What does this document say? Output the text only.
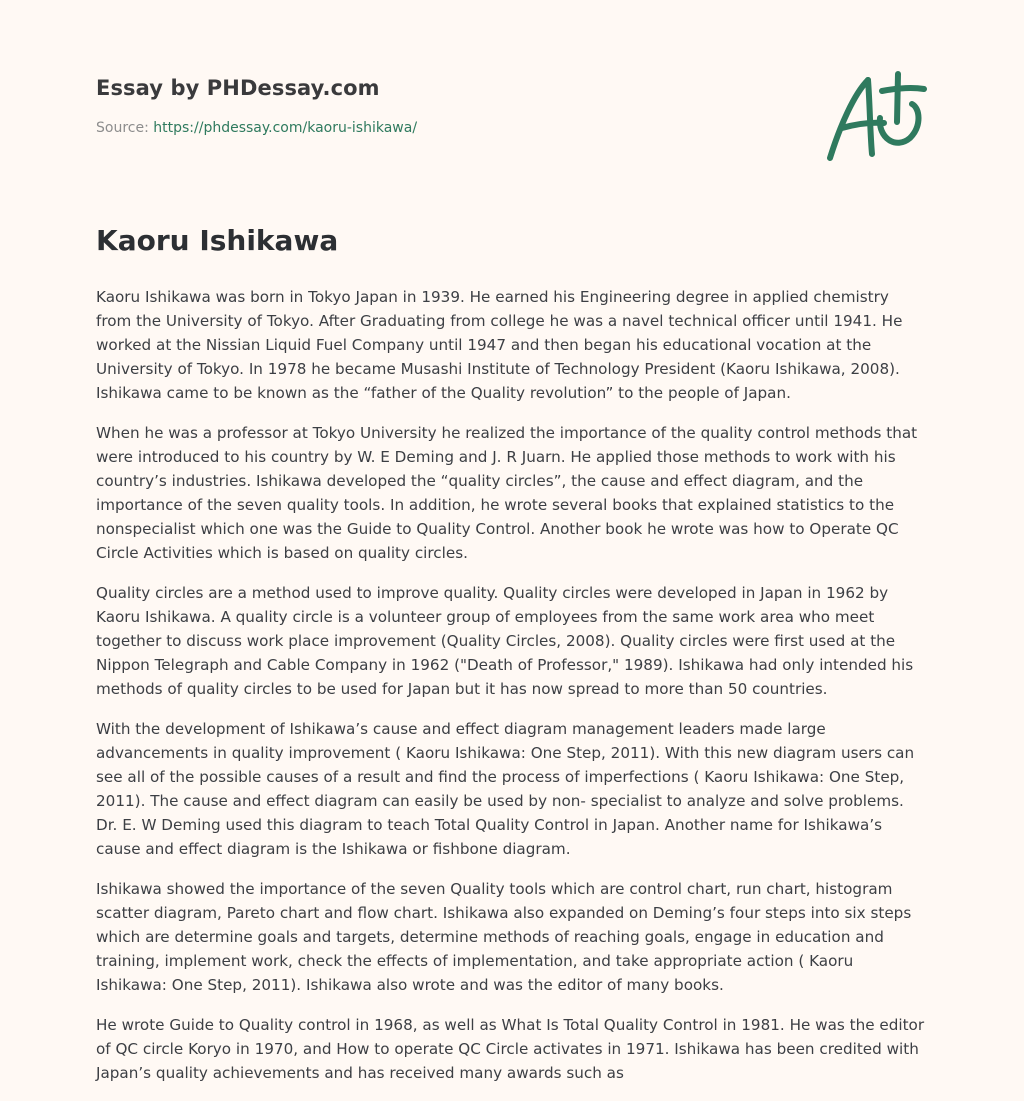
Essay by PHDessay.com
Source: https://phdessay.com/kaoru-ishikawa/
Kaoru Ishikawa

Kaoru Ishikawa was born in Tokyo Japan in 1939. He earned his Engineering degree in applied chemistry from the University of Tokyo. After Graduating from college he was a navel technical officer until 1941. He worked at the Nissian Liquid Fuel Company until 1947 and then began his educational vocation at the University of Tokyo. In 1978 he became Musashi Institute of Technology President (Kaoru Ishikawa, 2008). Ishikawa came to be known as the “father of the Quality revolution” to the people of Japan.

When he was a professor at Tokyo University he realized the importance of the quality control methods that were introduced to his country by W. E Deming and J. R Juarn. He applied those methods to work with his country’s industries. Ishikawa developed the “quality circles”, the cause and effect diagram, and the importance of the seven quality tools. In addition, he wrote several books that explained statistics to the nonspecialist which one was the Guide to Quality Control. Another book he wrote was how to Operate QC Circle Activities which is based on quality circles.

Quality circles are a method used to improve quality. Quality circles were developed in Japan in 1962 by Kaoru Ishikawa. A quality circle is a volunteer group of employees from the same work area who meet together to discuss work place improvement (Quality Circles, 2008). Quality circles were first used at the Nippon Telegraph and Cable Company in 1962 ("Death of Professor," 1989). Ishikawa had only intended his methods of quality circles to be used for Japan but it has now spread to more than 50 countries.

With the development of Ishikawa’s cause and effect diagram management leaders made large advancements in quality improvement ( Kaoru Ishikawa: One Step, 2011). With this new diagram users can see all of the possible causes of a result and find the process of imperfections ( Kaoru Ishikawa: One Step, 2011). The cause and effect diagram can easily be used by non- specialist to analyze and solve problems. Dr. E. W Deming used this diagram to teach Total Quality Control in Japan. Another name for Ishikawa’s cause and effect diagram is the Ishikawa or fishbone diagram.

Ishikawa showed the importance of the seven Quality tools which are control chart, run chart, histogram scatter diagram, Pareto chart and flow chart. Ishikawa also expanded on Deming’s four steps into six steps which are determine goals and targets, determine methods of reaching goals, engage in education and training, implement work, check the effects of implementation, and take appropriate action ( Kaoru Ishikawa: One Step, 2011). Ishikawa also wrote and was the editor of many books.

He wrote Guide to Quality control in 1968, as well as What Is Total Quality Control in 1981. He was the editor of QC circle Koryo in 1970, and How to operate QC Circle activates in 1971. Ishikawa has been credited with Japan’s quality achievements and has received many awards such as
